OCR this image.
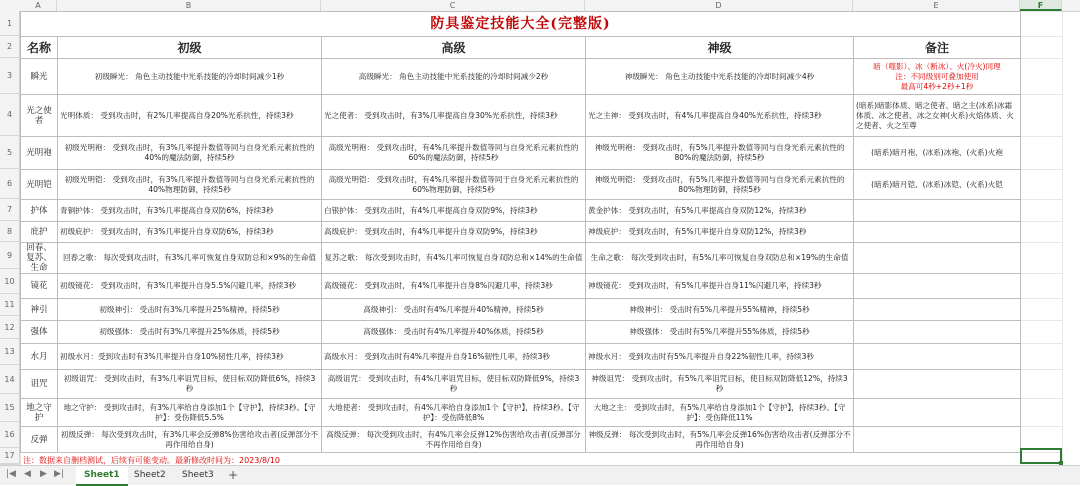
A	B	C	D	E	F
1
2
3
4
5
6
7
8
9
10
11
12
13
14
15
16
17
防具鉴定技能大全(完整版)					
名称	初级	高级	神级	备注	
瞬光	初级瞬光： 角色主动技能中光系技能的冷却时间减少1秒	高级瞬光： 角色主动技能中光系技能的冷却时间减少2秒	神级瞬光： 角色主动技能中光系技能的冷却时间减少4秒	暗（噬影）、冰（断冰）、火(冷火)同理
注：不同级别可叠加使用
最高可4秒+2秒+1秒	
光之使者	光明体质： 受到攻击时，有2%几率提高自身20%光系抗性，持续3秒	光之使者： 受到攻击时，有3%几率提高自身30%光系抗性，持续3秒	光之主神： 受到攻击时，有4%几率提高自身40%光系抗性，持续3秒	(暗系)暗影体质、暗之使者、暗之主(冰系)冰霜体质、冰之使者、冰之女神(火系)火焰体质、火之使者、火之至尊	
光明袍	初级光明袍： 受到攻击时，有3%几率提升数值等同与自身光系元素抗性的40%的魔法防御，持续5秒	高级光明袍： 受到攻击时，有4%几率提升数值等同与自身光系元素抗性的60%的魔法防御，持续5秒	神级光明袍： 受到攻击时，有5%几率提升数值等同与自身光系元素抗性的80%的魔法防御，持续5秒	(暗系)暗月袍、(冰系)冰袍、(火系)火袍	
光明铠	初级光明铠： 受到攻击时，有3%几率提升数值等同与自身光系元素抗性的40%物理防御，持续5秒	高级光明铠： 受到攻击时，有4%几率提升数值等同于自身光系元素抗性的60%物理防御，持续5秒	神级光明铠： 受到攻击时，有5%几率提升数值等同与自身光系元素抗性的80%物理防御，持续5秒	(暗系)暗月铠、(冰系)冰铠、(火系)火铠	
护体	青铜护体： 受到攻击时，有3%几率提高自身双防6%，持续3秒	白银护体： 受到攻击时，有4%几率提高自身双防9%，持续3秒	黄金护体： 受到攻击时，有5%几率提高自身双防12%，持续3秒		
庇护	初级庇护： 受到攻击时，有3%几率提升自身双防6%，持续3秒	高级庇护： 受到攻击时，有4%几率提升自身双防9%，持续3秒	神级庇护： 受到攻击时，有5%几率提升自身双防12%，持续3秒		
回春、复苏、生命	回春之歌： 每次受到攻击时，有3%几率可恢复自身双防总和×9%的生命值	复苏之歌： 每次受到攻击时，有4%几率可恢复自身双防总和×14%的生命值	生命之歌： 每次受到攻击时，有5%几率可恢复自身双防总和×19%的生命值		
镜花	初级镜花： 受到攻击时，有3%几率提升自身5.5%闪避几率，持续3秒	高级镜花： 受到攻击时，有4%几率提升自身8%闪避几率，持续3秒	神级镜花： 受到攻击时，有5%几率提升自身11%闪避几率，持续3秒		
神引	初级神引： 受击时有3%几率提升25%精神，持续5秒	高级神引： 受击时有4%几率提升40%精神，持续5秒	神级神引： 受击时有5%几率提升55%精神，持续5秒		
强体	初级强体： 受击时有3%几率提升25%体质，持续5秒	高级强体： 受击时有4%几率提升40%体质，持续5秒	神级强体： 受击时有5%几率提升55%体质，持续5秒		
水月	初级水月：受到攻击时有3%几率提升自身10%韧性几率，持续3秒	高级水月： 受到攻击时有4%几率提升自身16%韧性几率，持续3秒	神级水月： 受到攻击时有5%几率提升自身22%韧性几率，持续3秒		
诅咒	初级诅咒： 受到攻击时，有3%几率诅咒目标，使目标双防降低6%，持续3秒	高级诅咒： 受到攻击时，有4%几率诅咒目标，使目标双防降低9%，持续3秒	神级诅咒： 受到攻击时，有5%几率诅咒目标，使目标双防降低12%，持续3秒		
地之守护	地之守护： 受到攻击时，有3%几率给自身添加1个【守护】，持续3秒。【守护】：受伤降低5.5%	大地使者： 受到攻击时，有4%几率给自身添加1个【守护】，持续3秒。【守护】：受伤降低8%	大地之主： 受到攻击时，有5%几率给自身添加1个【守护】，持续3秒。【守护】：受伤降低11%		
反弹	初级反弹： 每次受到攻击时，有3%几率会反弹8%伤害给攻击者(反弹部分不再作用给自身)	高级反弹： 每次受到攻击时，有4%几率会反弹12%伤害给攻击者(反弹部分不再作用给自身)	神级反弹： 每次受到攻击时，有5%几率会反弹16%伤害给攻击者(反弹部分不再作用给自身)		
注：数据来自删档测试，后续有可能变动。最新修改时间为：2023/8/10					
|◀ ◀ ▶ ▶|	Sheet1	Sheet2	Sheet3	+
